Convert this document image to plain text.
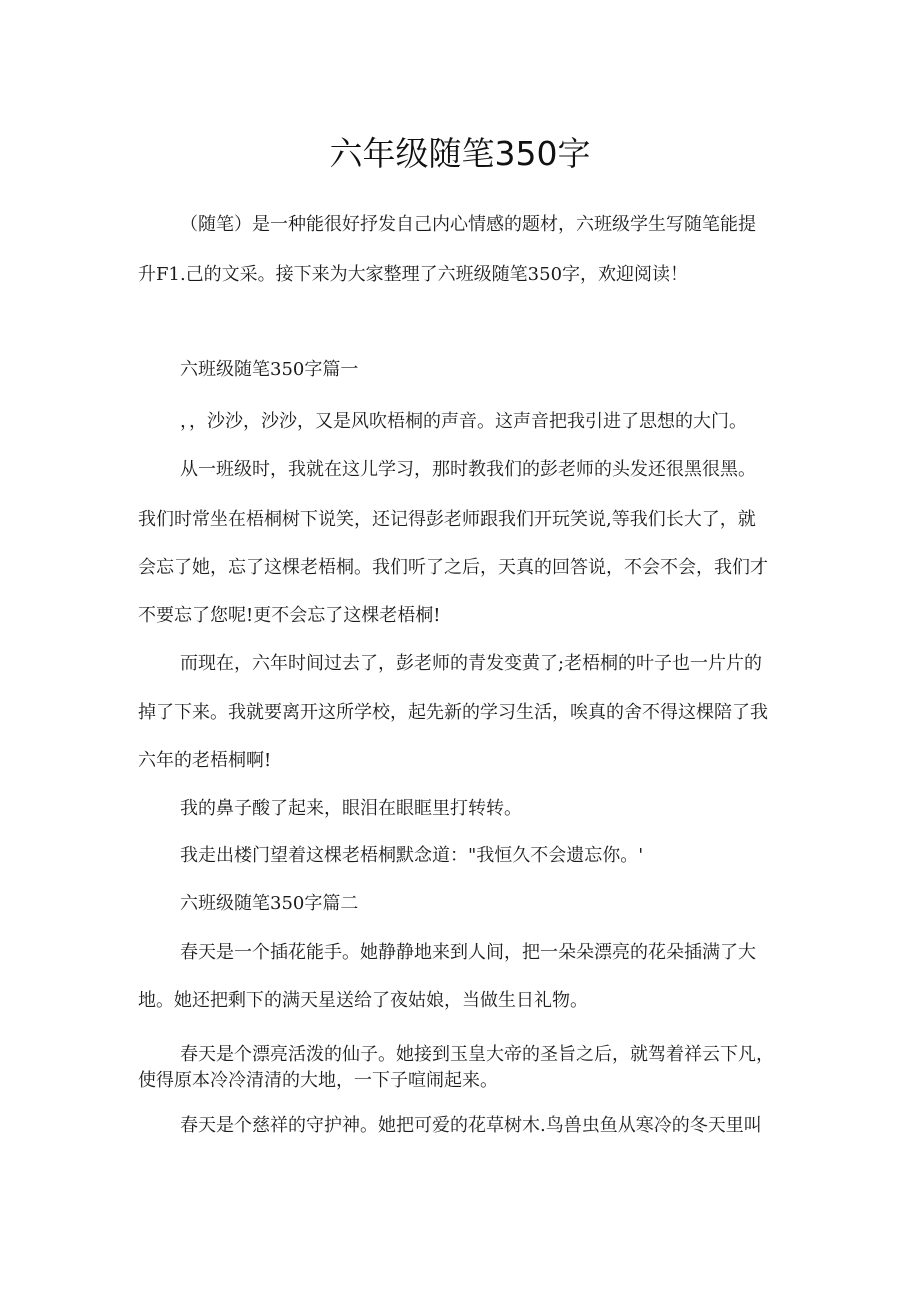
六年级随笔350字
（随笔）是一种能很好抒发自己内心情感的题材，六班级学生写随笔能提
升F1.己的文采。接下来为大家整理了六班级随笔350字，欢迎阅读！
六班级随笔350字篇一
，，沙沙，沙沙，又是风吹梧桐的声音。这声音把我引进了思想的大门。
从一班级时，我就在这儿学习，那时教我们的彭老师的头发还很黑很黑。
我们时常坐在梧桐树下说笑，还记得彭老师跟我们开玩笑说,等我们长大了，就
会忘了她，忘了这棵老梧桐。我们听了之后，天真的回答说，不会不会，我们才
不要忘了您呢!更不会忘了这棵老梧桐!
而现在，六年时间过去了，彭老师的青发变黄了;老梧桐的叶子也一片片的
掉了下来。我就要离开这所学校，起先新的学习生活，唉真的舍不得这棵陪了我
六年的老梧桐啊!
我的鼻子酸了起来，眼泪在眼眶里打转转。
我走出楼门望着这棵老梧桐默念道："我恒久不会遗忘你。'
六班级随笔350字篇二
春天是一个插花能手。她静静地来到人间，把一朵朵漂亮的花朵插满了大
地。她还把剩下的满天星送给了夜姑娘，当做生日礼物。
春天是个漂亮活泼的仙子。她接到玉皇大帝的圣旨之后，就驾着祥云下凡，
使得原本冷冷清清的大地，一下子喧闹起来。
春天是个慈祥的守护神。她把可爱的花草树木.鸟兽虫鱼从寒冷的冬天里叫
